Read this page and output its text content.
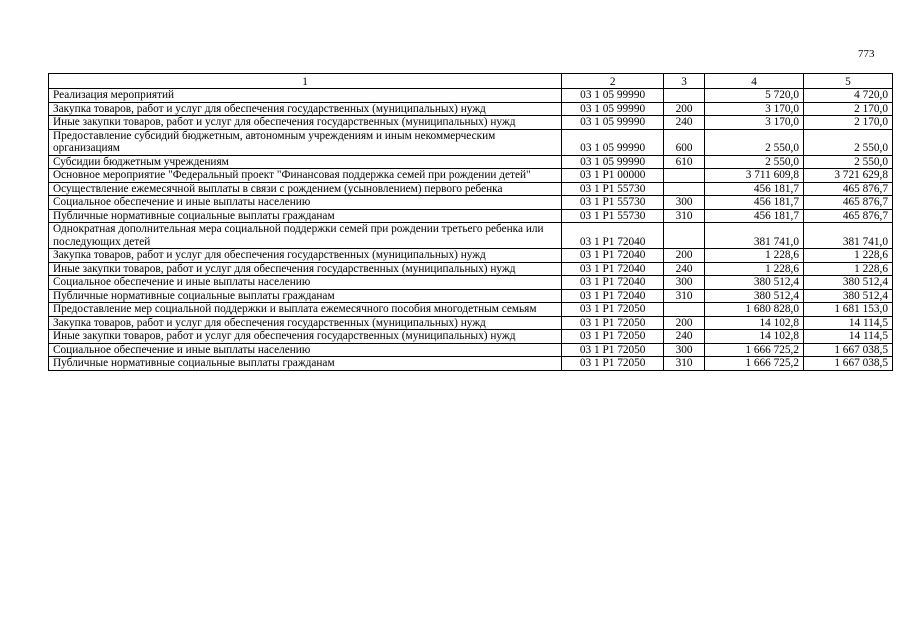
773
1	2	3	4	5
Реализация мероприятий	03 1 05 99990		5 720,0	4 720,0
Закупка товаров, работ и услуг для обеспечения государственных (муниципальных) нужд	03 1 05 99990	200	3 170,0	2 170,0
Иные закупки товаров, работ и услуг для обеспечения государственных (муниципальных) нужд	03 1 05 99990	240	3 170,0	2 170,0
Предоставление субсидий бюджетным, автономным учреждениям и иным некоммерческим организациям	03 1 05 99990	600	2 550,0	2 550,0
Субсидии бюджетным учреждениям	03 1 05 99990	610	2 550,0	2 550,0
Основное мероприятие "Федеральный проект "Финансовая поддержка семей при рождении детей"	03 1 P1 00000		3 711 609,8	3 721 629,8
Осуществление ежемесячной выплаты в связи с рождением (усыновлением) первого ребенка	03 1 P1 55730		456 181,7	465 876,7
Социальное обеспечение и иные выплаты населению	03 1 P1 55730	300	456 181,7	465 876,7
Публичные нормативные социальные выплаты гражданам	03 1 P1 55730	310	456 181,7	465 876,7
Однократная дополнительная мера социальной поддержки семей при рождении третьего ребенка или последующих детей	03 1 P1 72040		381 741,0	381 741,0
Закупка товаров, работ и услуг для обеспечения государственных (муниципальных) нужд	03 1 P1 72040	200	1 228,6	1 228,6
Иные закупки товаров, работ и услуг для обеспечения государственных (муниципальных) нужд	03 1 P1 72040	240	1 228,6	1 228,6
Социальное обеспечение и иные выплаты населению	03 1 P1 72040	300	380 512,4	380 512,4
Публичные нормативные социальные выплаты гражданам	03 1 P1 72040	310	380 512,4	380 512,4
Предоставление мер социальной поддержки и выплата ежемесячного пособия многодетным семьям	03 1 P1 72050		1 680 828,0	1 681 153,0
Закупка товаров, работ и услуг для обеспечения государственных (муниципальных) нужд	03 1 P1 72050	200	14 102,8	14 114,5
Иные закупки товаров, работ и услуг для обеспечения государственных (муниципальных) нужд	03 1 P1 72050	240	14 102,8	14 114,5
Социальное обеспечение и иные выплаты населению	03 1 P1 72050	300	1 666 725,2	1 667 038,5
Публичные нормативные социальные выплаты гражданам	03 1 P1 72050	310	1 666 725,2	1 667 038,5
